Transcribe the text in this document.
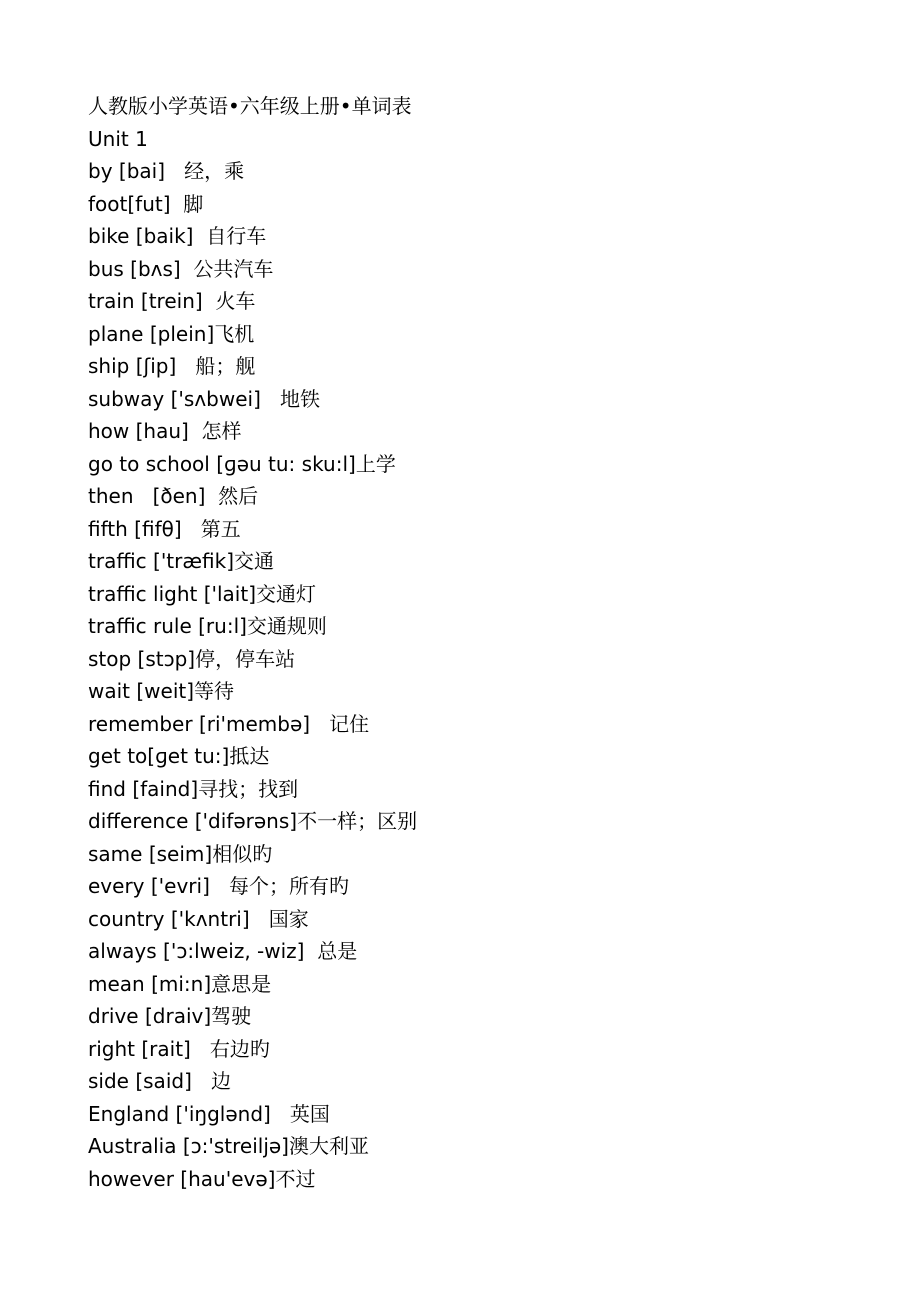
人教版小学英语•六年级上册•单词表
Unit 1
by [bai]   经，乘
foot[fut]  脚
bike [baik]  自行车
bus [bʌs]  公共汽车
train [trein]  火车
plane [plein]飞机
ship [ʃip]   船；舰
subway ['sʌbwei]   地铁
how [hau]  怎样
go to school [ɡəu tu: sku:l]上学
then   [ðen]  然后
fifth [fifθ]   第五
traffic ['træfik]交通
traffic light ['lait]交通灯
traffic rule [ru:l]交通规则
stop [stɔp]停，停车站
wait [weit]等待
remember [ri'membə]   记住
get to[ɡet tu:]抵达
find [faind]寻找；找到
difference ['difərəns]不一样；区别
same [seim]相似旳
every ['evri]   每个；所有旳
country ['kʌntri]   国家
always ['ɔ:lweiz, -wiz]  总是
mean [mi:n]意思是
drive [draiv]驾驶
right [rait]   右边旳
side [said]   边
England ['iŋglənd]   英国
Australia [ɔ:'streiljə]澳大利亚
however [hau'evə]不过
